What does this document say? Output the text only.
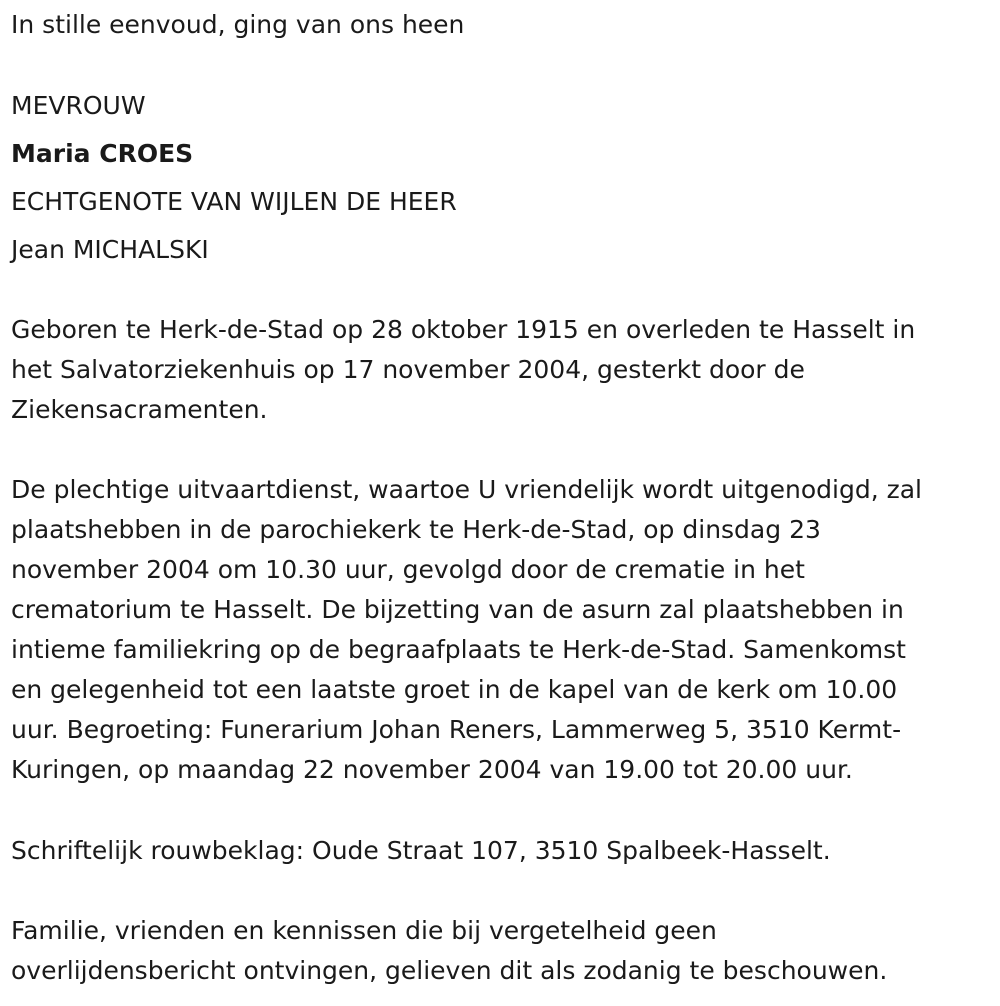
In stille eenvoud, ging van ons heen

MEVROUW

Maria CROES

ECHTGENOTE VAN WIJLEN DE HEER

Jean MICHALSKI

Geboren te Herk-de-Stad op 28 oktober 1915 en overleden te Hasselt in
het Salvatorziekenhuis op 17 november 2004, gesterkt door de
Ziekensacramenten.
De plechtige uitvaartdienst, waartoe U vriendelijk wordt uitgenodigd, zal
plaatshebben in de parochiekerk te Herk-de-Stad, op dinsdag 23
november 2004 om 10.30 uur, gevolgd door de crematie in het
crematorium te Hasselt. De bijzetting van de asurn zal plaatshebben in
intieme familiekring op de begraafplaats te Herk-de-Stad. Samenkomst
en gelegenheid tot een laatste groet in de kapel van de kerk om 10.00
uur. Begroeting: Funerarium Johan Reners, Lammerweg 5, 3510 Kermt-
Kuringen, op maandag 22 november 2004 van 19.00 tot 20.00 uur.
Schriftelijk rouwbeklag: Oude Straat 107, 3510 Spalbeek-Hasselt.
Familie, vrienden en kennissen die bij vergetelheid geen
overlijdensbericht ontvingen, gelieven dit als zodanig te beschouwen.
